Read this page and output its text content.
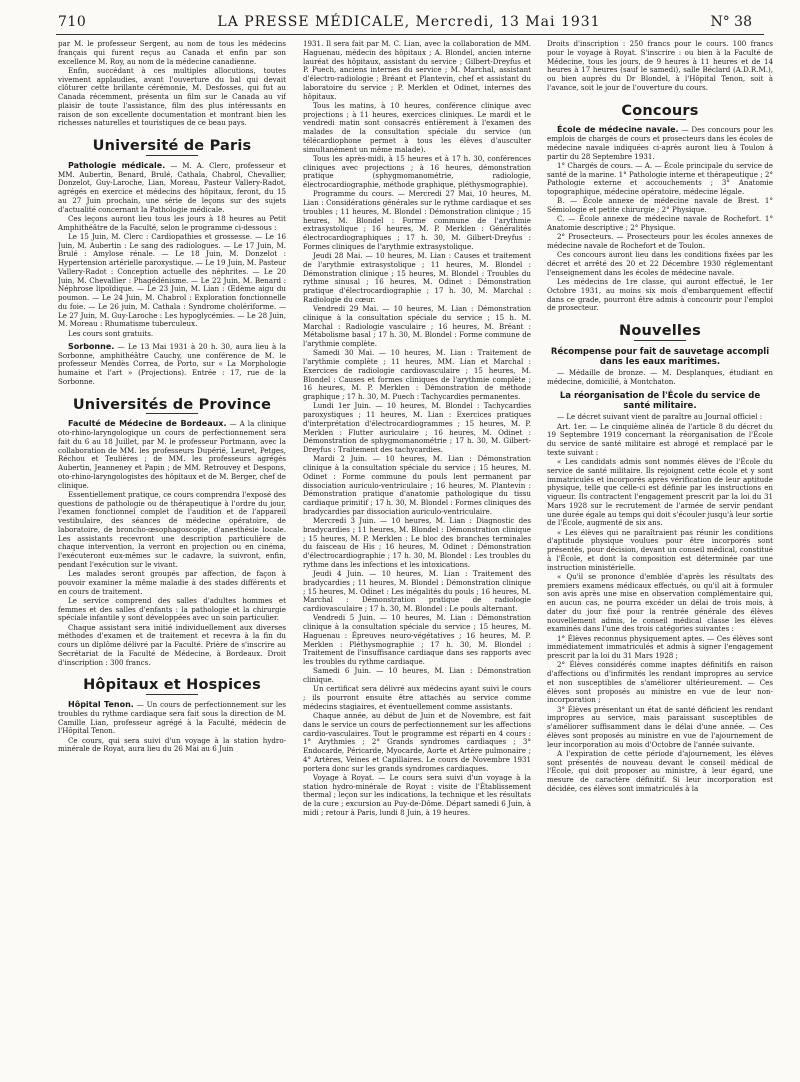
710	LA PRESSE MÉDICALE, Mercredi, 13 Mai 1931	N° 38

par M. le professeur Sergent, au nom de tous les médecins français qui furent reçus au Canada et enfin par son excellence M. Roy, au nom de la médecine canadienne.

Enfin, succédant à ces multiples allocutions, toutes vivement applaudies, avant l'ouverture du bal qui devait clôturer cette brillante cérémonie, M. Desfosses, qui fut au Canada récemment, présenta un film sur le Canada au vif plaisir de toute l'assistance, film des plus intéressants en raison de son excellente documentation et montrant bien les richesses naturelles et touristiques de ce beau pays.

Université de Paris

Pathologie médicale. — M. A. Clerc, professeur et MM. Aubertin, Benard, Brulé, Cathala, Chabrol, Chevallier, Donzelot, Guy-Laroche, Lian, Moreau, Pasteur Vallery-Radot, agrégés en exercice et médecins des hôpitaux, feront, du 15 au 27 Juin prochain, une série de leçons sur des sujets d'actualité concernant la Pathologie médicale.

Ces leçons auront lieu tous les jours à 18 heures au Petit Amphithéâtre de la Faculté, selon le programme ci-dessous :

Le 15 Juin, M. Clerc : Cardiopathies et grossesse. — Le 16 Juin, M. Aubertin : Le sang des radiologues. — Le 17 Juin, M. Brulé : Amylose rénale. — Le 18 Juin, M. Donzelot : Hypertension artérielle paroxystique. — Le 19 Juin, M. Pasteur Vallery-Radot : Conception actuelle des néphrites. — Le 20 Juin, M. Chevallier : Phagédénisme. — Le 22 Juin, M. Benard : Néphrose lipoïdique. — Le 23 Juin, M. Lian : Œdème aigu du poumon. — Le 24 Juin, M. Chabrol : Exploration fonctionnelle du foie. — Le 26 juin, M. Cathala : Syndrome cholériforme. — Le 27 Juin, M. Guy-Laroche : Les hypoglycémies. — Le 28 Juin, M. Moreau : Rhumatisme tuberculeux.

Les cours sont gratuits.

Sorbonne. — Le 13 Mai 1931 à 20 h. 30, aura lieu à la Sorbonne, amphithéâtre Cauchy, une conférence de M. le professeur Mendès Correa, de Porto, sur « La Morphologie humaine et l'art » (Projections). Entrée : 17, rue de la Sorbonne.

Universités de Province

Faculté de Médecine de Bordeaux. — A la clinique oto-rhino-laryngologique un cours de perfectionnement sera fait du 6 au 18 Juillet, par M. le professeur Portmann, avec la collaboration de MM. les professeurs Dupérié, Leuret, Petges, Réchou et Teulières ; de MM. les professeurs agrégés Aubertin, Jeanneney et Papin ; de MM. Retrouvey et Despons, oto-rhino-laryngologistes des hôpitaux et de M. Berger, chef de clinique.

Essentiellement pratique, ce cours comprendra l'exposé des questions de pathologie ou de thérapeutique à l'ordre du jour, l'examen fonctionnel complet de l'audition et de l'appareil vestibulaire, des séances de médecine opératoire, de laboratoire, de broncho-œsophagoscopie, d'anesthésie locale. Les assistants recevront une description particulière de chaque intervention, la verront en projection ou en cinéma, l'exécuteront eux-mêmes sur le cadavre, la suivront, enfin, pendant l'exécution sur le vivant.

Les malades seront groupés par affection, de façon à pouvoir examiner la même maladie à des stades différents et en cours de traitement.

Le service comprend des salles d'adultes hommes et femmes et des salles d'enfants : la pathologie et la chirurgie spéciale infantile y sont développées avec un soin particulier.

Chaque assistant sera initié individuellement aux diverses méthodes d'examen et de traitement et recevra à la fin du cours un diplôme délivré par la Faculté. Prière de s'inscrire au Secrétariat de la Faculté de Médecine, à Bordeaux. Droit d'inscription : 300 francs.

Hôpitaux et Hospices

Hôpital Tenon. — Un cours de perfectionnement sur les troubles du rythme cardiaque sera fait sous la direction de M. Camille Lian, professeur agrégé à la Faculté, médecin de l'Hôpital Tenon.

Ce cours, qui sera suivi d'un voyage à la station hydro-minérale de Royat, aura lieu du 26 Mai au 6 Juin

1931. Il sera fait par M. C. Lian, avec la collaboration de MM. Haguenau, médecin des hôpitaux ; A. Blondel, ancien interne lauréat des hôpitaux, assistant du service ; Gilbert-Dreyfus et P. Puech, anciens internes du service ; M. Marchal, assistant d'électro-radiologie ; Bréant et Plantevin, chef et assistant du laboratoire du service ; P. Merklen et Odinet, internes des hôpitaux.

Tous les matins, à 10 heures, conférence clinique avec projections ; à 11 heures, exercices cliniques. Le mardi et le vendredi matin sont consacrés entièrement à l'examen des malades de la consultation spéciale du service (un télécardiophone permet à tous les élèves d'ausculter simultanément un même malade).

Tous les après-midi, à 15 heures et à 17 h. 30, conférences cliniques avec projections ; à 16 heures, démonstration pratique (sphygmomanométrie, radiologie, électrocardiographie, méthode graphique, pléthysmographie).

Programme du cours. — Mercredi 27 Mai, 10 heures, M. Lian : Considérations générales sur le rythme cardiaque et ses troubles ; 11 heures, M. Blondel : Démonstration clinique ; 15 heures, M. Blondel : Forme commune de l'arythmie extrasystolique ; 16 heures, M. P. Merklen : Généralités électrocardiographiques ; 17 h. 30, M. Gilbert-Dreyfus : Formes cliniques de l'arythmie extrasystolique.

Jeudi 28 Mai. — 10 heures, M. Lian : Causes et traitement de l'arythmie extrasystolique ; 11 heures, M. Blondel : Démonstration clinique ; 15 heures, M. Blondel : Troubles du rythme sinusal ; 16 heures, M. Odinet : Démonstration pratique d'électrocardiographie ; 17 h. 30, M. Marchal : Radiologie du cœur.

Vendredi 29 Mai. — 10 heures, M. Lian : Démonstration clinique à la consultation spéciale du service ; 15 h. M. Marchal : Radiologie vasculaire ; 16 heures, M. Bréant : Métabolisme basal ; 17 h. 30, M. Blondel : Forme commune de l'arythmie complète.

Samedi 30 Mai. — 10 heures, M. Lian : Traitement de l'arythmie complète ; 11 heures, MM. Lian et Marchal : Exercices de radiologie cardiovasculaire ; 15 heures, M. Blondel : Causes et formes cliniques de l'arythmie complète ; 16 heures, M. P. Merklen : Démonstration de méthode graphique ; 17 h. 30, M. Puech : Tachycardies permanentes.

Lundi 1er Juin. — 10 heures, M. Blondel : Tachycardies paroxystiques ; 11 heures, M. Lian : Exercices pratiques d'interprétation d'électrocardiogrammes ; 15 heures, M. P. Merklen : Flutter auriculaire ; 16 heures, M. Odinet : Démonstration de sphygmomanométrie ; 17 h. 30, M. Gilbert-Dreyfus : Traitement des tachycardies.

Mardi 2 Juin. — 10 heures, M. Lian : Démonstration clinique à la consultation spéciale du service ; 15 heures, M. Odinet : Forme commune du pouls lent permanent par dissociation auriculo-ventriculaire ; 16 heures, M. Plantevin : Démonstration pratique d'anatomie pathologique du tissu cardiaque primitif ; 17 h. 30, M. Blondel : Formes cliniques des bradycardies par dissociation auriculo-ventriculaire.

Mercredi 3 Juin. — 10 heures, M. Lian : Diagnostic des bradycardies ; 11 heures, M. Blondel : Démonstration clinique ; 15 heures, M. P. Merklen : Le bloc des branches terminales du faisceau de His ; 16 heures, M. Odinet : Démonstration d'électrocardiographie ; 17 h. 30, M. Blondel : Les troubles du rythme dans les infections et les intoxications.

Jeudi 4 Juin. — 10 heures, M. Lian : Traitement des bradycardies ; 11 heures, M. Blondel : Démonstration clinique ; 15 heures, M. Odinet : Les inégalités du pouls ; 16 heures, M. Marchal : Démonstration pratique de radiologie cardiovasculaire ; 17 h. 30, M. Blondel : Le pouls alternant.

Vendredi 5 Juin. — 10 heures, M. Lian : Démonstration clinique à la consultation spéciale du service ; 15 heures, M. Haguenau : Épreuves neuro-végétatives ; 16 heures, M. P. Merklen : Pléthysmographie ; 17 h. 30, M. Blondel : Traitement de l'insuffisance cardiaque dans ses rapports avec les troubles du rythme cardiaque.

Samedi 6 Juin. — 10 heures, M. Lian : Démonstration clinique.

Un certificat sera délivré aux médecins ayant suivi le cours ; ils pourront ensuite être attachés au service comme médecins stagiaires, et éventuellement comme assistants.

Chaque année, au début de Juin et de Novembre, est fait dans le service un cours de perfectionnement sur les affections cardio-vasculaires. Tout le programme est réparti en 4 cours : 1° Arythmies ; 2° Grands syndromes cardiaques ; 3° Endocarde, Péricarde, Myocarde, Aorte et Artère pulmonaire ; 4° Artères, Veines et Capillaires. Le cours de Novembre 1931 portera donc sur les grands syndromes cardiaques.

Voyage à Royat. — Le cours sera suivi d'un voyage à la station hydro-minérale de Royat : visite de l'Établissement thermal ; leçon sur les indications, la technique et les résultats de la cure ; excursion au Puy-de-Dôme. Départ samedi 6 Juin, à midi ; retour à Paris, lundi 8 Juin, à 19 heures.

Droits d'inscription : 250 francs pour le cours. 100 francs pour le voyage à Royat. S'inscrire : ou bien à la Faculté de Médecine, tous les jours, de 9 heures à 11 heures et de 14 heures à 17 heures (sauf le samedi), salle Béclard (A.D.R.M.), ou bien auprès du Dr Blondel, à l'Hôpital Tenon, soit à l'avance, soit le jour de l'ouverture du cours.

Concours

École de médecine navale. — Des concours pour les emplois de chargés de cours et prosecteurs dans les écoles de médecine navale indiquées ci-après auront lieu à Toulon à partir du 28 Septembre 1931.

1° Chargés de cours. — A. — École principale du service de santé de la marine. 1° Pathologie interne et thérapeutique ; 2° Pathologie externe et accouchements ; 3° Anatomie topographique, médecine opératoire, médecine légale.

B. — École annexe de médecine navale de Brest. 1° Sémiologie et petite chirurgie ; 2° Physique.

C. — École annexe de médecine navale de Rochefort. 1° Anatomie descriptive ; 2° Physique.

2° Prosecteurs. — Prosecteurs pour les écoles annexes de médecine navale de Rochefort et de Toulon.

Ces concours auront lieu dans les conditions fixées par les décret et arrêté des 20 et 22 Décembre 1930 réglementant l'enseignement dans les écoles de médecine navale.

Les médecins de 1re classe, qui auront effectué, le 1er Octobre 1931, au moins six mois d'embarquement effectif dans ce grade, pourront être admis à concourir pour l'emploi de prosecteur.

Nouvelles
Récompense pour fait de sauvetage accompli dans les eaux maritimes.

— Médaille de bronze. — M. Desplanques, étudiant en médecine, domicilié, à Montchaton.

La réorganisation de l'École du service de santé militaire.

— Le décret suivant vient de paraître au Journal officiel :

Art. 1er. — Le cinquième alinéa de l'article 8 du décret du 19 Septembre 1919 concernant la réorganisation de l'École du service de santé militaire est abrogé et remplacé par le texte suivant :

« Les candidats admis sont nommés élèves de l'École du service de santé militaire. Ils rejoignent cette école et y sont immatriculés et incorporés après vérification de leur aptitude physique, telle que celle-ci est définie par les instructions en vigueur. Ils contractent l'engagement prescrit par la loi du 31 Mars 1928 sur le recrutement de l'armée de servir pendant une durée égale au temps qui doit s'écouler jusqu'à leur sortie de l'École, augmenté de six ans.

« Les élèves qui ne paraîtraient pas réunir les conditions d'aptitude physique voulues pour être incorporés sont présentés, pour décision, devant un conseil médical, constitué à l'École, et dont la composition est déterminée par une instruction ministérielle.

« Qu'il se prononce d'emblée d'après les résultats des premiers examens médicaux effectués, ou qu'il ait à formuler son avis après une mise en observation complémentaire qui, en aucun cas, ne pourra excéder un délai de trois mois, à dater du jour fixé pour la rentrée générale des élèves nouvellement admis, le conseil médical classe les élèves examinés dans l'une des trois catégories suivantes :

1° Élèves reconnus physiquement aptes. — Ces élèves sont immédiatement immatriculés et admis à signer l'engagement prescrit par la loi du 31 Mars 1928 ;

2° Élèves considérés comme inaptes définitifs en raison d'affections ou d'infirmités les rendant impropres au service et non susceptibles de s'améliorer ultérieurement. — Ces élèves sont proposés au ministre en vue de leur non-incorporation ;

3° Élèves présentant un état de santé déficient les rendant impropres au service, mais paraissant susceptibles de s'améliorer suffisamment dans le délai d'une année. — Ces élèves sont proposés au ministre en vue de l'ajournement de leur incorporation au mois d'Octobre de l'année suivante.

A l'expiration de cette période d'ajournement, les élèves sont présentés de nouveau devant le conseil médical de l'École, qui doit proposer au ministre, à leur égard, une mesure de caractère définitif. Si leur incorporation est décidée, ces élèves sont immatriculés à la
